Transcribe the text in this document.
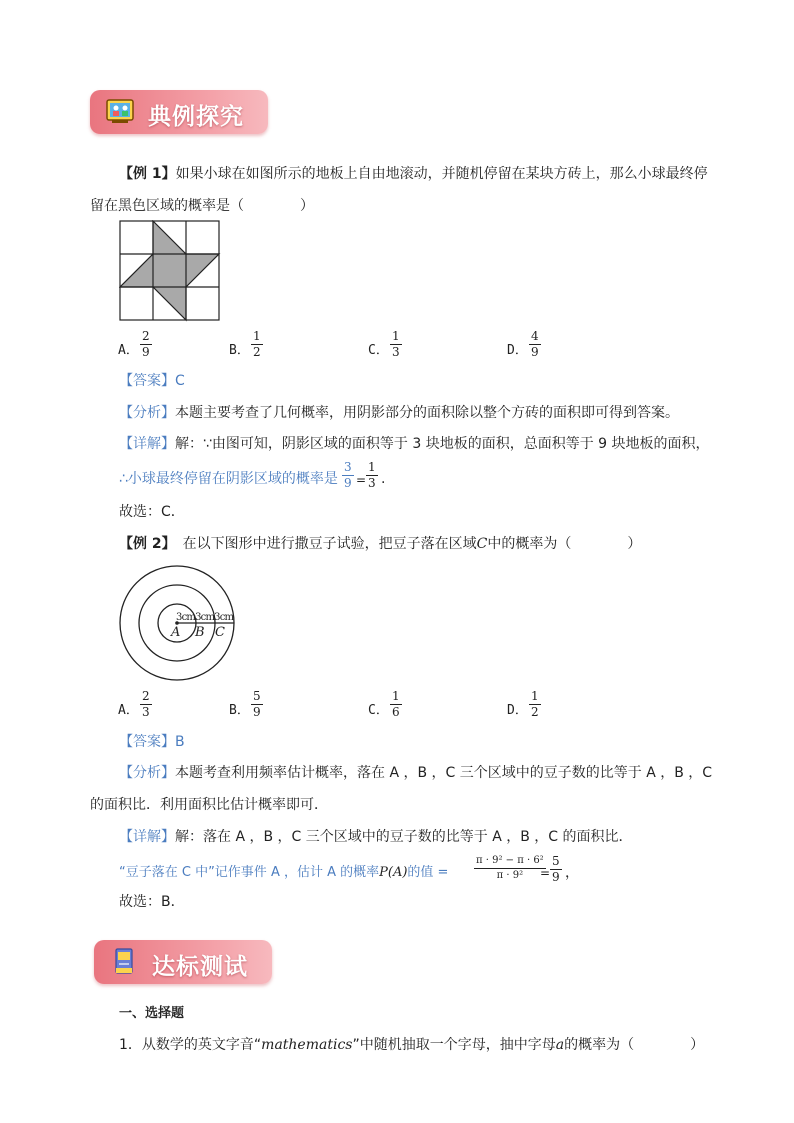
典例探究
【例 1】如果小球在如图所示的地板上自由地滚动，并随机停留在某块方砖上，那么小球最终停
留在黑色区域的概率是（　　　　）
A． $\frac{2}{9}$	B． $\frac{1}{2}$	C． $\frac{1}{3}$	D． $\frac{4}{9}$
【答案】C
【分析】本题主要考查了几何概率，用阴影部分的面积除以整个方砖的面积即可得到答案。
【详解】解：∵由图可知，阴影区域的面积等于 3 块地板的面积，总面积等于 9 块地板的面积，
∴小球最终停留在阴影区域的概率是 $\frac{3}{9} = \frac{1}{3}$ .
故选：C．
【例 2】　 在以下图形中进行撒豆子试验，把豆子落在区域C中的概率为（　　　　）
3cm3cm3cm
A B C
A． $\frac{2}{3}$	B． $\frac{5}{9}$	C． $\frac{1}{6}$	D． $\frac{1}{2}$
【答案】B
【分析】本题考查利用频率估计概率，落在 A ，B ，C 三个区域中的豆子数的比等于 A ，B ，C
的面积比．利用面积比估计概率即可．
【详解】解：落在 A ，B ，C 三个区域中的豆子数的比等于 A ，B ，C 的面积比．
“豆子落在 C 中”记作事件 A ，估计 A 的概率P(A)的值 =	$\frac{\text{π · 9² − π · 6²}}{\text{π · 9²}}$
= $\frac{5}{9}$ ，
故选：B．
达标测试
一、选择题
1．从数学的英文字音“mathematics”中随机抽取一个字母，抽中字母a的概率为（　　　　）
